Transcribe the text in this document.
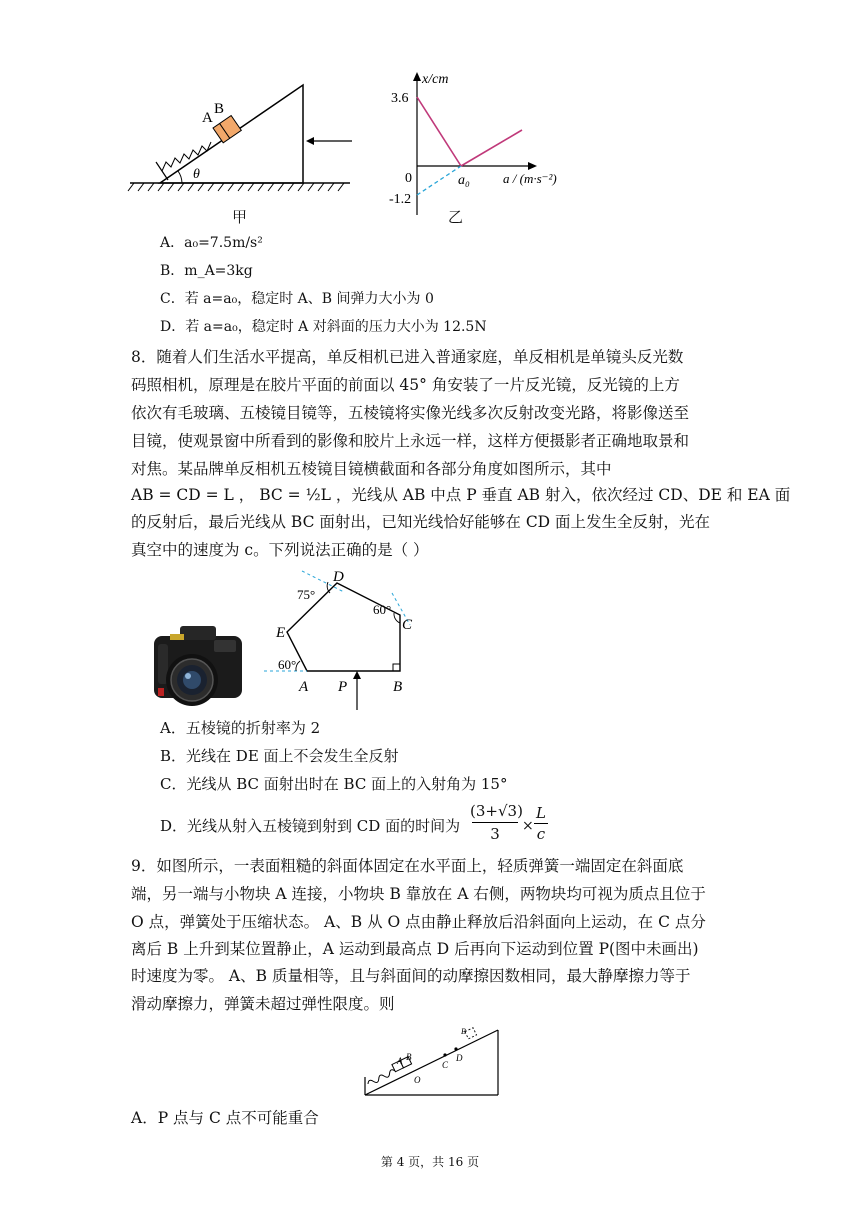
A
B
θ
甲
x/cm
3.6
0
-1.2
a₀	a / (m·s⁻²)
乙
A．a₀=7.5m/s²
B．m_A=3kg
C．若 a=a₀，稳定时 A、B 间弹力大小为 0
D．若 a=a₀，稳定时 A 对斜面的压力大小为 12.5N
8．随着人们生活水平提高，单反相机已进入普通家庭，单反相机是单镜头反光数
码照相机，原理是在胶片平面的前面以 45° 角安装了一片反光镜，反光镜的上方
依次有毛玻璃、五棱镜目镜等，五棱镜将实像光线多次反射改变光路，将影像送至
目镜，使观景窗中所看到的影像和胶片上永远一样，这样方便摄影者正确地取景和
对焦。某品牌单反相机五棱镜目镜横截面和各部分角度如图所示，其中
AB = CD = L ， BC = ½L ，光线从 AB 中点 P 垂直 AB 射入，依次经过 CD、DE 和 EA 面
的反射后，最后光线从 BC 面射出，已知光线恰好能够在 CD 面上发生全反射，光在
真空中的速度为 c。下列说法正确的是（ ）
D
C
E
A P	B
75°
60°
60°
A．五棱镜的折射率为 2
B．光线在 DE 面上不会发生全反射
C．光线从 BC 面射出时在 BC 面上的入射角为 15°
D．光线从射入五棱镜到射到 CD 面的时间为
(3+√3)
3	×
L
c
9．如图所示，一表面粗糙的斜面体固定在水平面上，轻质弹簧一端固定在斜面底
端，另一端与小物块 A 连接，小物块 B 靠放在 A 右侧，两物块均可视为质点且位于
O 点，弹簧处于压缩状态。 A、B 从 O 点由静止释放后沿斜面向上运动，在 C 点分
离后 B 上升到某位置静止，A 运动到最高点 D 后再向下运动到位置 P(图中未画出)
时速度为零。 A、B 质量相等，且与斜面间的动摩擦因数相同，最大静摩擦力等于
滑动摩擦力，弹簧未超过弹性限度。则
A B
O
C
D
B
A．P 点与 C 点不可能重合
第 4 页，共 16 页
